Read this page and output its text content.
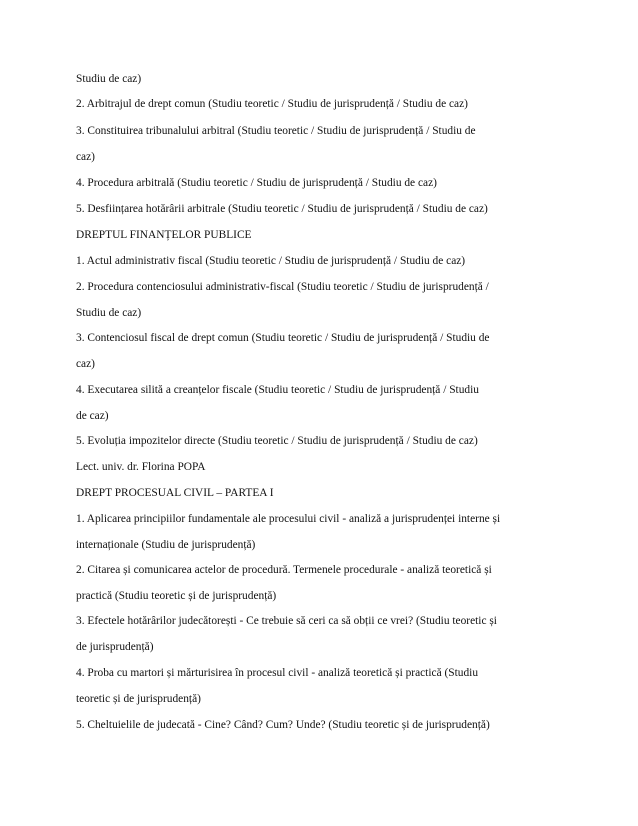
Studiu de caz)
2. Arbitrajul de drept comun (Studiu teoretic / Studiu de jurisprudență / Studiu de caz)
3. Constituirea tribunalului arbitral (Studiu teoretic / Studiu de jurisprudență / Studiu de
caz)
4. Procedura arbitrală (Studiu teoretic / Studiu de jurisprudență / Studiu de caz)
5. Desființarea hotărârii arbitrale (Studiu teoretic / Studiu de jurisprudență / Studiu de caz)
DREPTUL FINANȚELOR PUBLICE
1. Actul administrativ fiscal (Studiu teoretic / Studiu de jurisprudență / Studiu de caz)
2. Procedura contenciosului administrativ-fiscal (Studiu teoretic / Studiu de jurisprudență /
Studiu de caz)
3. Contenciosul fiscal de drept comun (Studiu teoretic / Studiu de jurisprudență / Studiu de
caz)
4. Executarea silită a creanțelor fiscale (Studiu teoretic / Studiu de jurisprudență / Studiu
de caz)
5. Evoluția impozitelor directe (Studiu teoretic / Studiu de jurisprudență / Studiu de caz)
Lect. univ. dr. Florina POPA
DREPT PROCESUAL CIVIL – PARTEA I
1. Aplicarea principiilor fundamentale ale procesului civil - analiză a jurisprudenței interne și
internaționale (Studiu de jurisprudență)
2. Citarea și comunicarea actelor de procedură. Termenele procedurale - analiză teoretică și
practică (Studiu teoretic și de jurisprudență)
3. Efectele hotărârilor judecătorești - Ce trebuie să ceri ca să obții ce vrei? (Studiu teoretic și
de jurisprudență)
4. Proba cu martori și mărturisirea în procesul civil - analiză teoretică și practică (Studiu
teoretic și de jurisprudență)
5. Cheltuielile de judecată - Cine? Când? Cum? Unde? (Studiu teoretic și de jurisprudență)
